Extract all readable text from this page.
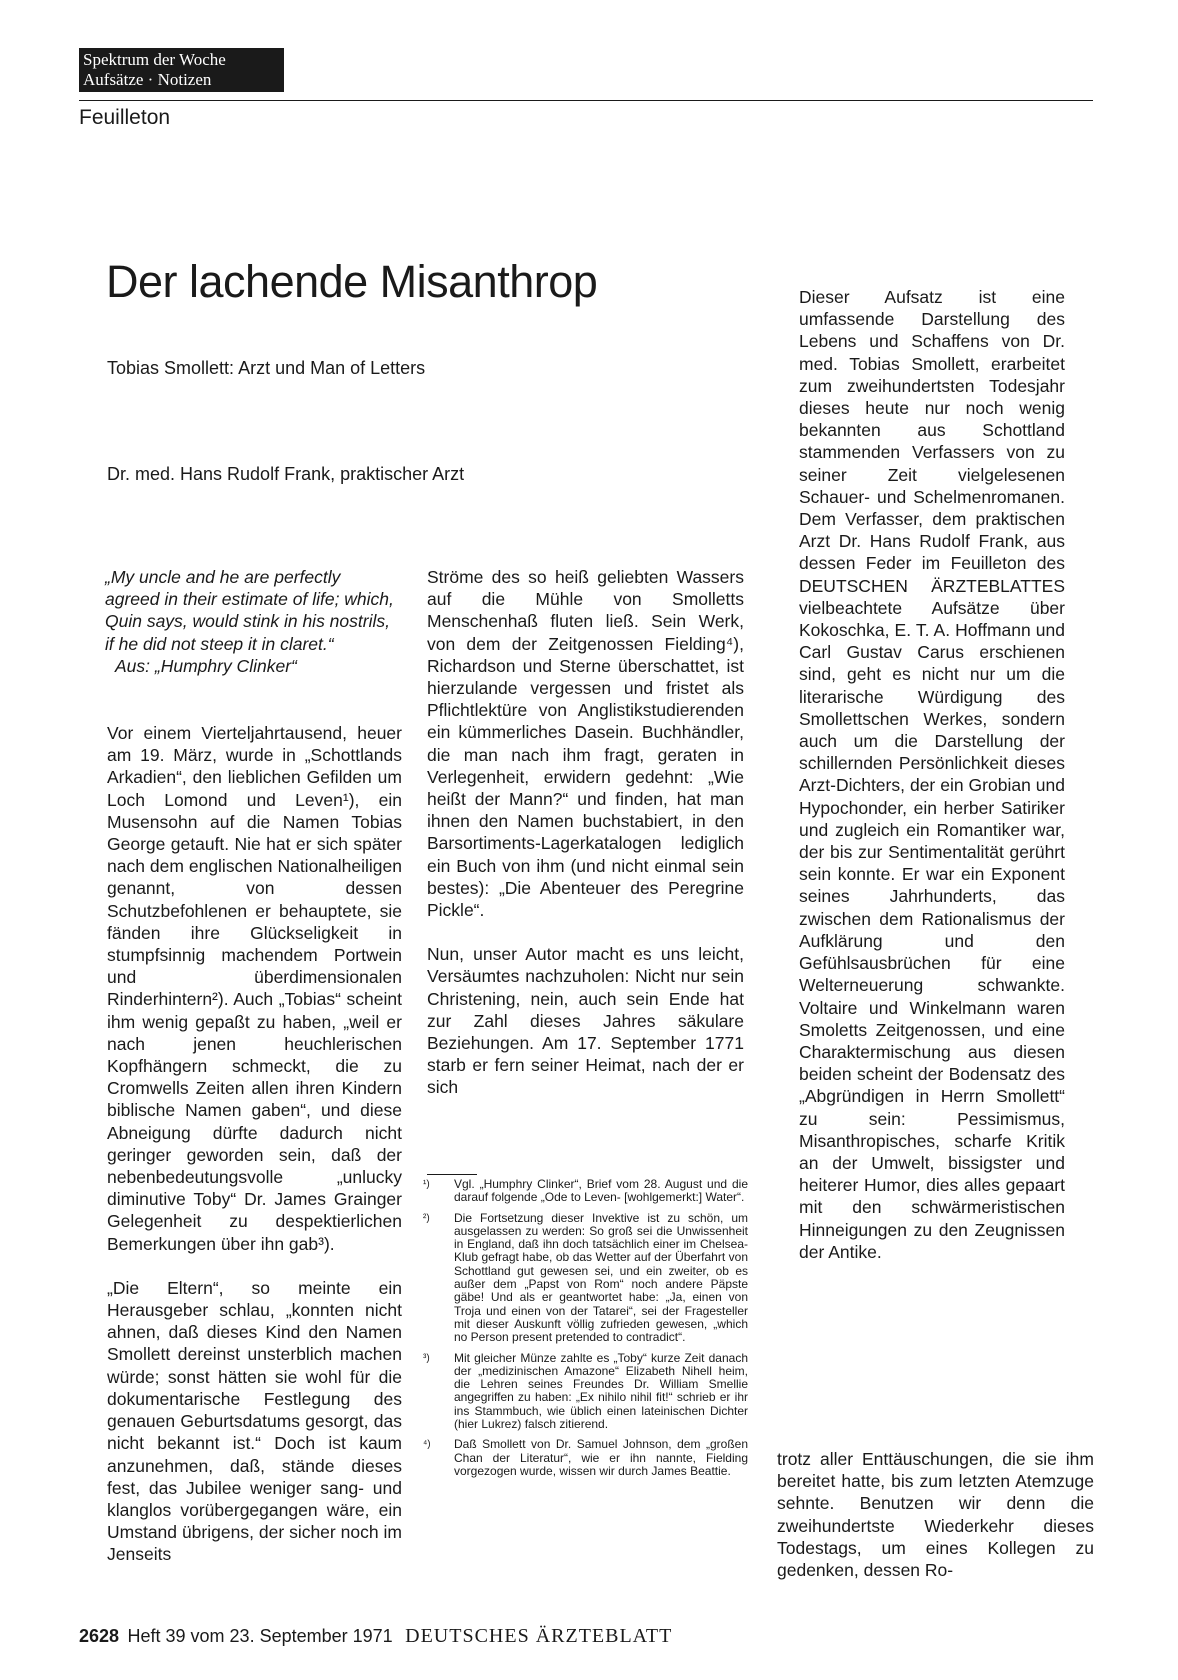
Spektrum der Woche
Aufsätze · Notizen
Feuilleton
Der lachende Misanthrop
Tobias Smollett: Arzt und Man of Letters
Dr. med. Hans Rudolf Frank, praktischer Arzt

Dieser Aufsatz ist eine umfassende Darstellung des Lebens und Schaffens von Dr. med. Tobias Smollett, erarbeitet zum zweihundertsten Todesjahr dieses heute nur noch wenig bekannten aus Schottland stammenden Verfassers von zu seiner Zeit vielgelesenen Schauer- und Schelmenromanen. Dem Verfasser, dem praktischen Arzt Dr. Hans Rudolf Frank, aus dessen Feder im Feuilleton des DEUTSCHEN ÄRZTEBLATTES vielbeachtete Aufsätze über Kokoschka, E. T. A. Hoffmann und Carl Gustav Carus erschienen sind, geht es nicht nur um die literarische Würdigung des Smollettschen Werkes, sondern auch um die Darstellung der schillernden Persönlichkeit dieses Arzt-Dichters, der ein Grobian und Hypochonder, ein herber Satiriker und zugleich ein Romantiker war, der bis zur Sentimentalität gerührt sein konnte. Er war ein Exponent seines Jahrhunderts, das zwischen dem Rationalismus der Aufklärung und den Gefühlsausbrüchen für eine Welterneuerung schwankte. Voltaire und Winkelmann waren Smoletts Zeitgenossen, und eine Charaktermischung aus diesen beiden scheint der Bodensatz des „Abgründigen in Herrn Smollett“ zu sein: Pessimismus, Misanthropisches, scharfe Kritik an der Umwelt, bissigster und heiterer Humor, dies alles gepaart mit den schwärmeristischen Hinneigungen zu den Zeugnissen der Antike.

„My uncle and he are perfectly agreed in their estimate of life; which, Quin says, would stink in his nostrils, if he did not steep it in claret.“

Aus: „Humphry Clinker“

Vor einem Vierteljahrtausend, heuer am 19. März, wurde in „Schottlands Arkadien“, den lieblichen Gefilden um Loch Lomond und Leven¹), ein Musensohn auf die Namen Tobias George getauft. Nie hat er sich später nach dem englischen Nationalheiligen genannt, von dessen Schutzbefohlenen er behauptete, sie fänden ihre Glückseligkeit in stumpfsinnig machendem Portwein und überdimensionalen Rinderhintern²). Auch „Tobias“ scheint ihm wenig gepaßt zu haben, „weil er nach jenen heuchlerischen Kopfhängern schmeckt, die zu Cromwells Zeiten allen ihren Kindern biblische Namen gaben“, und diese Abneigung dürfte dadurch nicht geringer geworden sein, daß der nebenbedeutungsvolle „unlucky diminutive Toby“ Dr. James Grainger Gelegenheit zu despektierlichen Bemerkungen über ihn gab³).

„Die Eltern“, so meinte ein Herausgeber schlau, „konnten nicht ahnen, daß dieses Kind den Namen Smollett dereinst unsterblich machen würde; sonst hätten sie wohl für die dokumentarische Festlegung des genauen Geburtsdatums gesorgt, das nicht bekannt ist.“ Doch ist kaum anzunehmen, daß, stände dieses fest, das Jubilee weniger sang- und klanglos vorübergegangen wäre, ein Umstand übrigens, der sicher noch im Jenseits

Ströme des so heiß geliebten Wassers auf die Mühle von Smolletts Menschenhaß fluten ließ. Sein Werk, von dem der Zeitgenossen Fielding⁴), Richardson und Sterne überschattet, ist hierzulande vergessen und fristet als Pflichtlektüre von Anglistikstudierenden ein kümmerliches Dasein. Buchhändler, die man nach ihm fragt, geraten in Verlegenheit, erwidern gedehnt: „Wie heißt der Mann?“ und finden, hat man ihnen den Namen buchstabiert, in den Barsortiments-Lagerkatalogen lediglich ein Buch von ihm (und nicht einmal sein bestes): „Die Abenteuer des Peregrine Pickle“.

Nun, unser Autor macht es uns leicht, Versäumtes nachzuholen: Nicht nur sein Christening, nein, auch sein Ende hat zur Zahl dieses Jahres säkulare Beziehungen. Am 17. September 1771 starb er fern seiner Heimat, nach der er sich

¹)	Vgl. „Humphry Clinker“, Brief vom 28. August und die darauf folgende „Ode to Leven- [wohlgemerkt:] Water“.
²)	Die Fortsetzung dieser Invektive ist zu schön, um ausgelassen zu werden: So groß sei die Unwissenheit in England, daß ihn doch tatsächlich einer im Chelsea-Klub gefragt habe, ob das Wetter auf der Überfahrt von Schottland gut gewesen sei, und ein zweiter, ob es außer dem „Papst von Rom“ noch andere Päpste gäbe! Und als er geantwortet habe: „Ja, einen von Troja und einen von der Tatarei“, sei der Fragesteller mit dieser Auskunft völlig zufrieden gewesen, „which no Person present pretended to contradict“.
³)	Mit gleicher Münze zahlte es „Toby“ kurze Zeit danach der „medizinischen Amazone“ Elizabeth Nihell heim, die Lehren seines Freundes Dr. William Smellie angegriffen zu haben: „Ex nihilo nihil fit!“ schrieb er ihr ins Stammbuch, wie üblich einen lateinischen Dichter (hier Lukrez) falsch zitierend.
⁴)	Daß Smollett von Dr. Samuel Johnson, dem „großen Chan der Literatur“, wie er ihn nannte, Fielding vorgezogen wurde, wissen wir durch James Beattie.

trotz aller Enttäuschungen, die sie ihm bereitet hatte, bis zum letzten Atemzuge sehnte. Benutzen wir denn die zweihundertste Wiederkehr dieses Todestags, um eines Kollegen zu gedenken, dessen Ro-

2628 Heft 39 vom 23. September 1971 DEUTSCHES ÄRZTEBLATT
